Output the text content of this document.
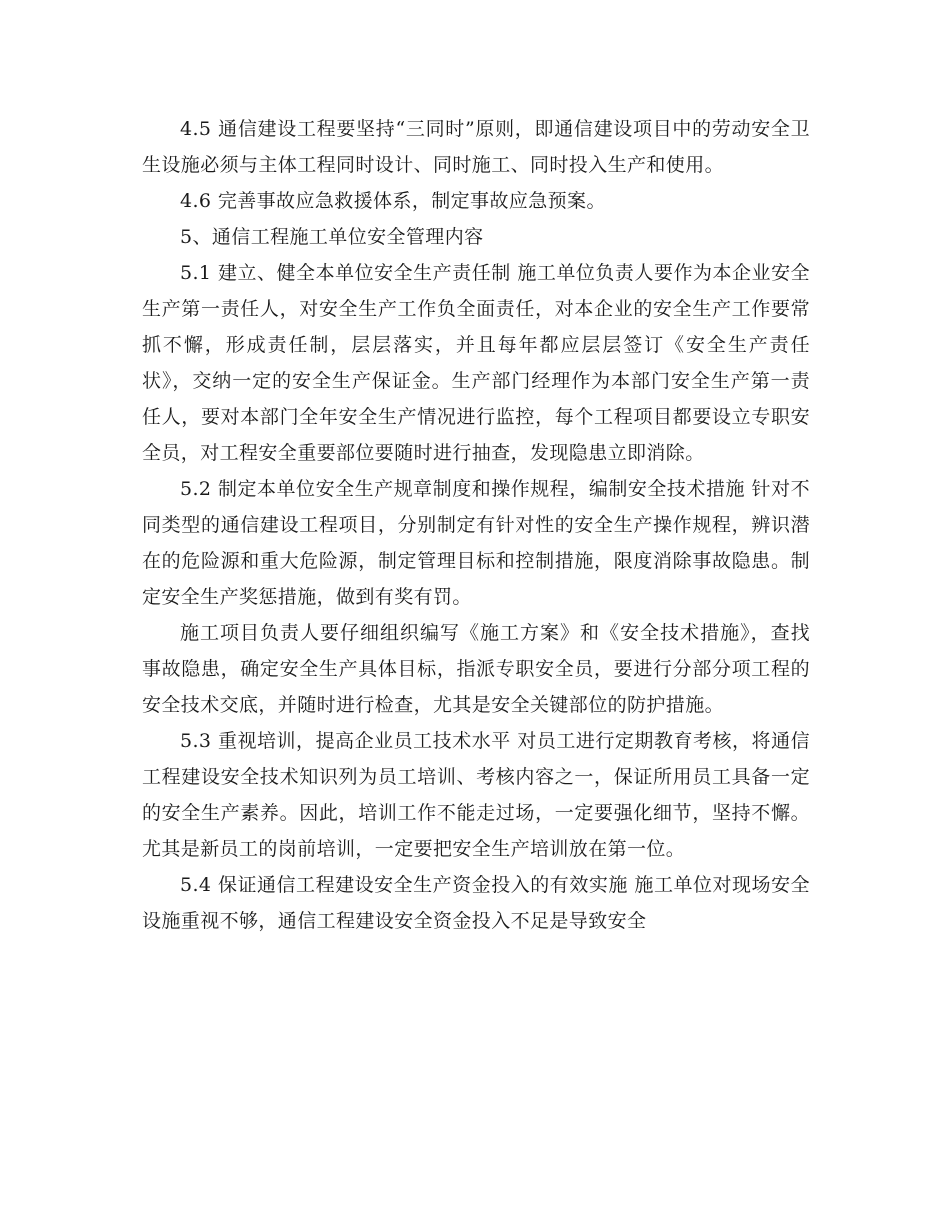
4.5 通信建设工程要坚持“三同时”原则，即通信建设项目中的劳动安全卫生设施必须与主体工程同时设计、同时施工、同时投入生产和使用。

4.6 完善事故应急救援体系，制定事故应急预案。

5、通信工程施工单位安全管理内容

5.1 建立、健全本单位安全生产责任制 施工单位负责人要作为本企业安全生产第一责任人，对安全生产工作负全面责任，对本企业的安全生产工作要常抓不懈，形成责任制，层层落实，并且每年都应层层签订《安全生产责任状》，交纳一定的安全生产保证金。生产部门经理作为本部门安全生产第一责任人，要对本部门全年安全生产情况进行监控，每个工程项目都要设立专职安全员，对工程安全重要部位要随时进行抽查，发现隐患立即消除。

5.2 制定本单位安全生产规章制度和操作规程，编制安全技术措施 针对不同类型的通信建设工程项目，分别制定有针对性的安全生产操作规程，辨识潜在的危险源和重大危险源，制定管理目标和控制措施，限度消除事故隐患。制定安全生产奖惩措施，做到有奖有罚。

施工项目负责人要仔细组织编写《施工方案》和《安全技术措施》，查找事故隐患，确定安全生产具体目标，指派专职安全员，要进行分部分项工程的安全技术交底，并随时进行检查，尤其是安全关键部位的防护措施。

5.3 重视培训，提高企业员工技术水平 对员工进行定期教育考核，将通信工程建设安全技术知识列为员工培训、考核内容之一，保证所用员工具备一定的安全生产素养。因此，培训工作不能走过场，一定要强化细节，坚持不懈。尤其是新员工的岗前培训，一定要把安全生产培训放在第一位。

5.4 保证通信工程建设安全生产资金投入的有效实施 施工单位对现场安全设施重视不够，通信工程建设安全资金投入不足是导致安全
